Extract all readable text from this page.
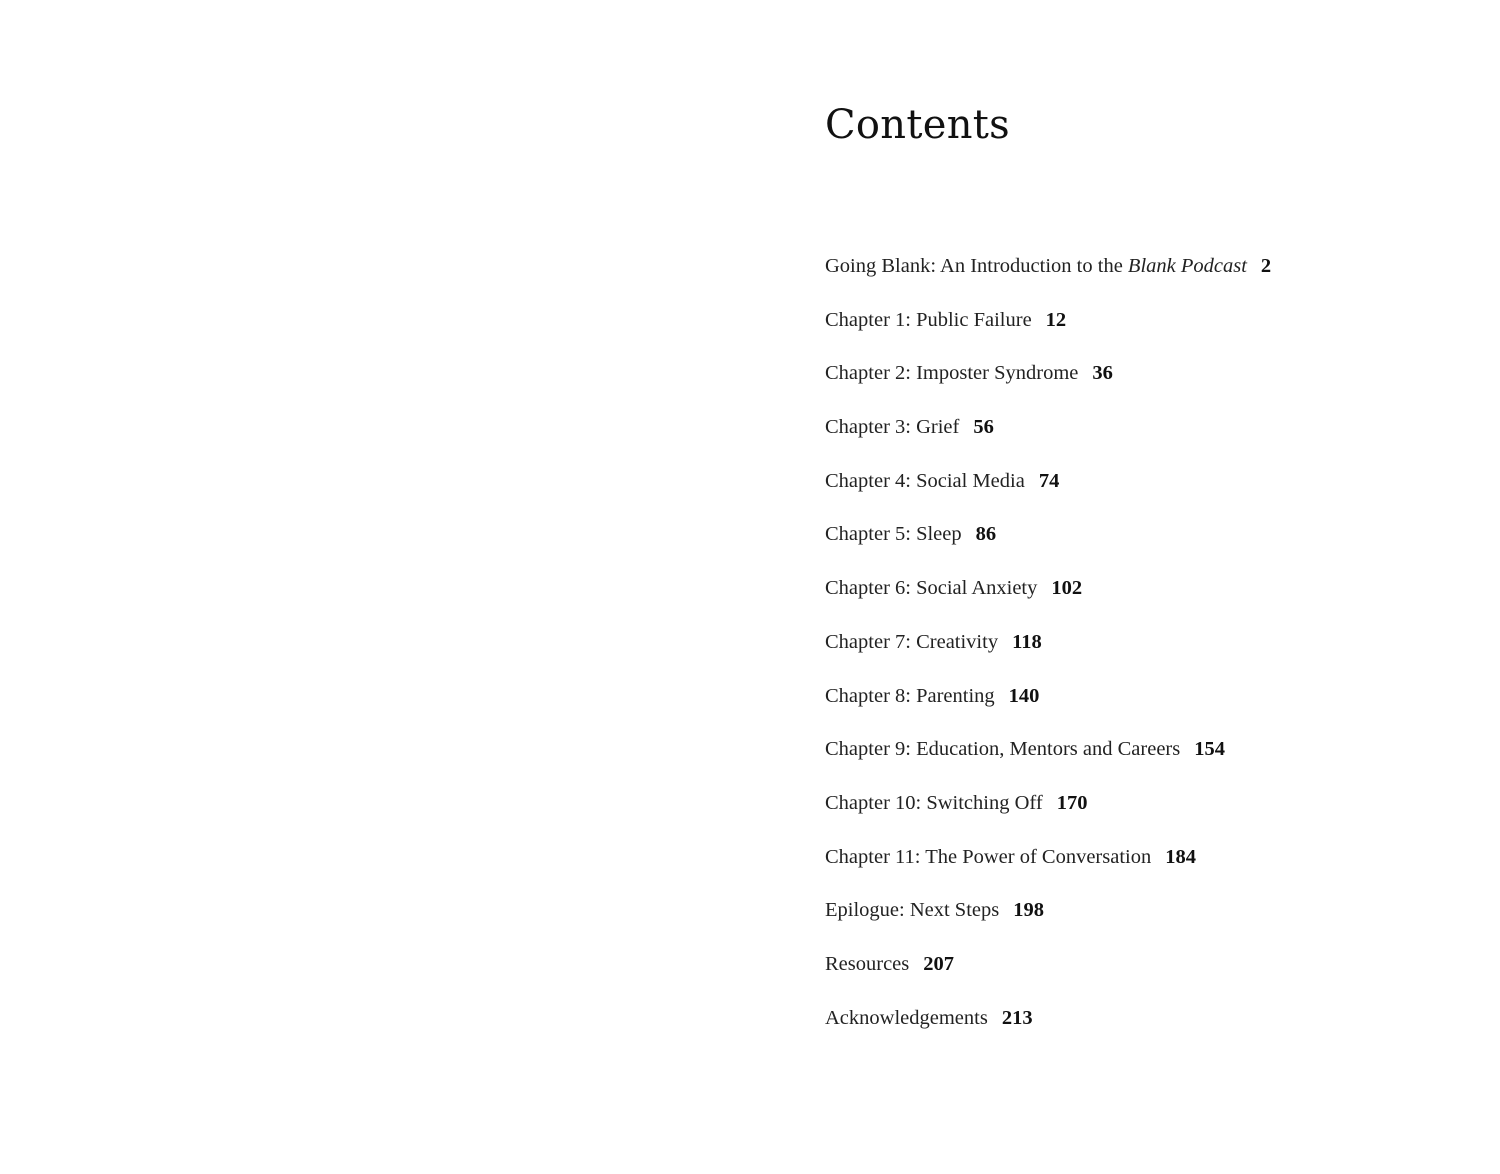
Contents
Going Blank: An Introduction to the Blank Podcast 2
Chapter 1: Public Failure 12
Chapter 2: Imposter Syndrome 36
Chapter 3: Grief 56
Chapter 4: Social Media 74
Chapter 5: Sleep 86
Chapter 6: Social Anxiety 102
Chapter 7: Creativity 118
Chapter 8: Parenting 140
Chapter 9: Education, Mentors and Careers 154
Chapter 10: Switching Off 170
Chapter 11: The Power of Conversation 184
Epilogue: Next Steps 198
Resources 207
Acknowledgements 213
